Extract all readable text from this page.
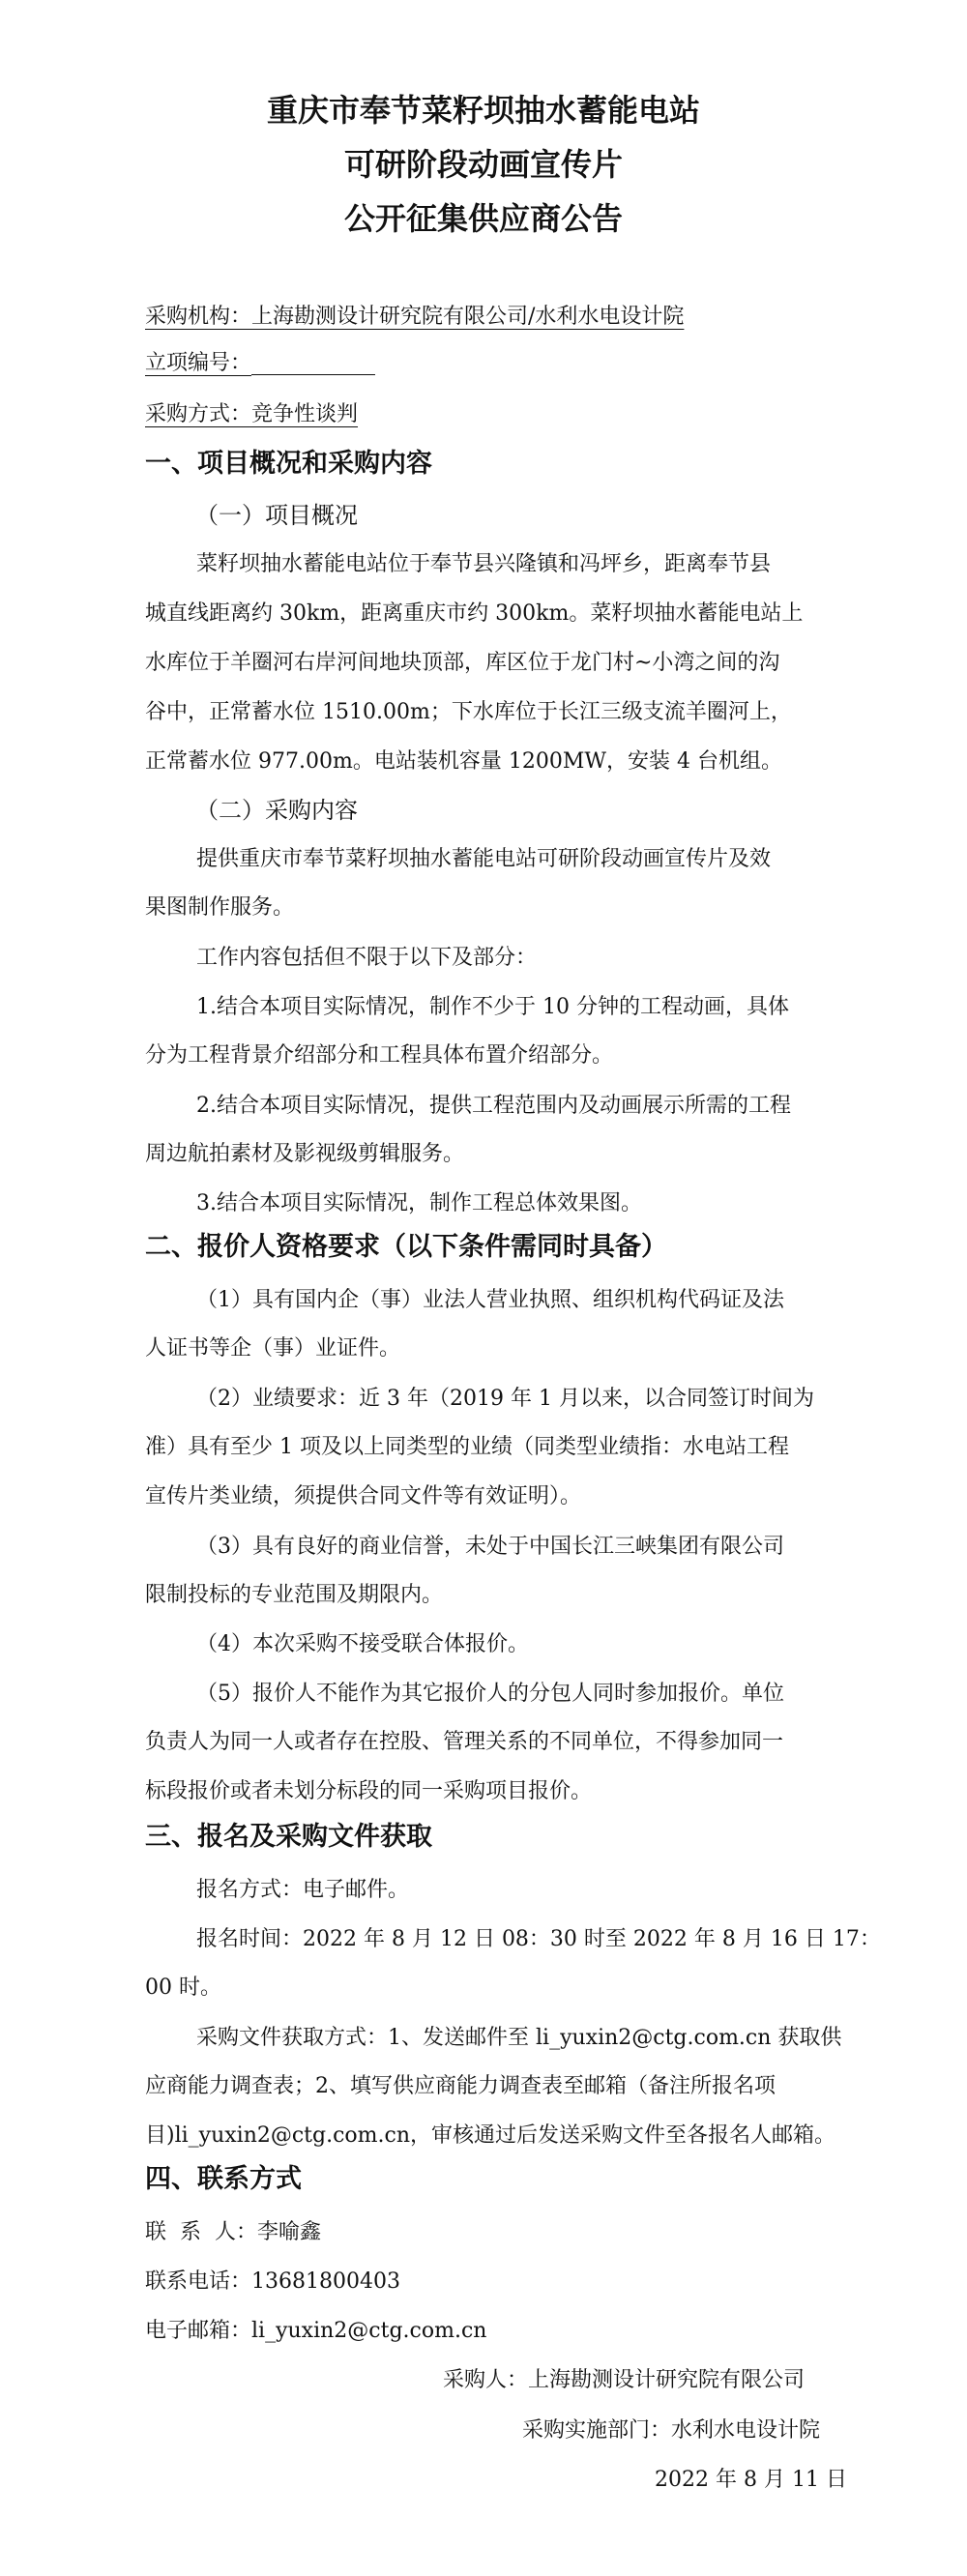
重庆市奉节菜籽坝抽水蓄能电站
可研阶段动画宣传片
公开征集供应商公告
采购机构：上海勘测设计研究院有限公司/水利水电设计院
立项编号：
采购方式：竞争性谈判
一、项目概况和采购内容
（一）项目概况
菜籽坝抽水蓄能电站位于奉节县兴隆镇和冯坪乡，距离奉节县
城直线距离约 30km，距离重庆市约 300km。菜籽坝抽水蓄能电站上
水库位于羊圈河右岸河间地块顶部，库区位于龙门村~小湾之间的沟
谷中，正常蓄水位 1510.00m；下水库位于长江三级支流羊圈河上，
正常蓄水位 977.00m。电站装机容量 1200MW，安装 4 台机组。
（二）采购内容
提供重庆市奉节菜籽坝抽水蓄能电站可研阶段动画宣传片及效
果图制作服务。
工作内容包括但不限于以下及部分：
1.结合本项目实际情况，制作不少于 10 分钟的工程动画，具体
分为工程背景介绍部分和工程具体布置介绍部分。
2.结合本项目实际情况，提供工程范围内及动画展示所需的工程
周边航拍素材及影视级剪辑服务。
3.结合本项目实际情况，制作工程总体效果图。
二、报价人资格要求（以下条件需同时具备）
（1）具有国内企（事）业法人营业执照、组织机构代码证及法
人证书等企（事）业证件。
（2）业绩要求：近 3 年（2019 年 1 月以来，以合同签订时间为
准）具有至少 1 项及以上同类型的业绩（同类型业绩指：水电站工程
宣传片类业绩，须提供合同文件等有效证明）。
（3）具有良好的商业信誉，未处于中国长江三峡集团有限公司
限制投标的专业范围及期限内。
（4）本次采购不接受联合体报价。
（5）报价人不能作为其它报价人的分包人同时参加报价。单位
负责人为同一人或者存在控股、管理关系的不同单位，不得参加同一
标段报价或者未划分标段的同一采购项目报价。
三、报名及采购文件获取
报名方式：电子邮件。
报名时间：2022 年 8 月 12 日 08：30 时至 2022 年 8 月 16 日 17：
00 时。
采购文件获取方式：1、发送邮件至 li_yuxin2@ctg.com.cn 获取供
应商能力调查表；2、填写供应商能力调查表至邮箱（备注所报名项
目)li_yuxin2@ctg.com.cn，审核通过后发送采购文件至各报名人邮箱。
四、联系方式
联  系  人：李喻鑫
联系电话：13681800403
电子邮箱：li_yuxin2@ctg.com.cn
采购人：上海勘测设计研究院有限公司
采购实施部门：水利水电设计院
2022 年 8 月 11 日
